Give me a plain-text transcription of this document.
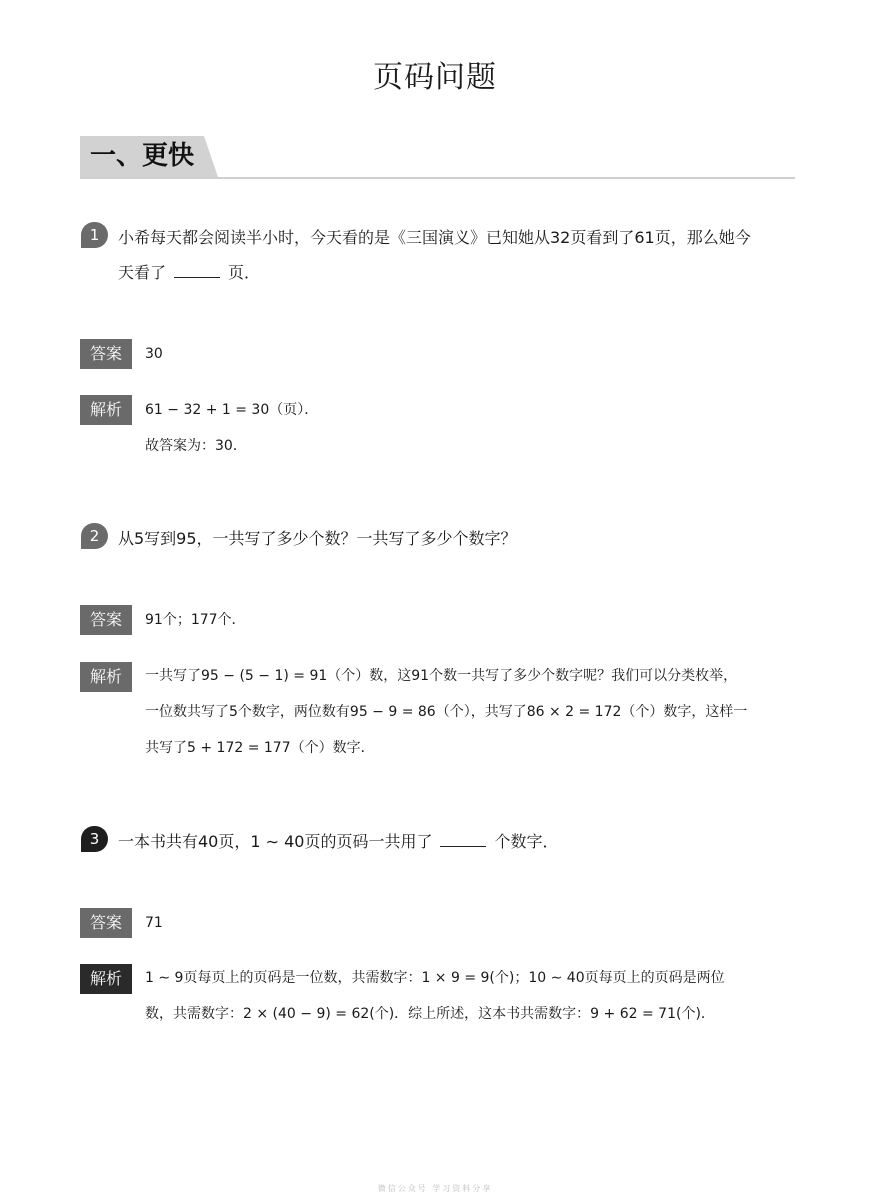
页码问题
一、更快
1	小希每天都会阅读半小时，今天看的是《三国演义》已知她从32页看到了61页，那么她今
天看了	页．
答案	30
解析	61 − 32 + 1 = 30（页）．
故答案为：30．
2	从5写到95，一共写了多少个数？一共写了多少个数字？
答案	91个；177个．
解析	一共写了95 − (5 − 1) = 91（个）数，这91个数一共写了多少个数字呢？我们可以分类枚举，
一位数共写了5个数字，两位数有95 − 9 = 86（个），共写了86 × 2 = 172（个）数字，这样一
共写了5 + 172 = 177（个）数字．
3	一本书共有40页，1 ∼ 40页的页码一共用了	个数字．
答案	71
解析	1 ∼ 9页每页上的页码是一位数，共需数字：1 × 9 = 9(个)；10 ∼ 40页每页上的页码是两位
数，共需数字：2 × (40 − 9) = 62(个)．综上所述，这本书共需数字：9 + 62 = 71(个)．
微信公众号 学习资料分享
